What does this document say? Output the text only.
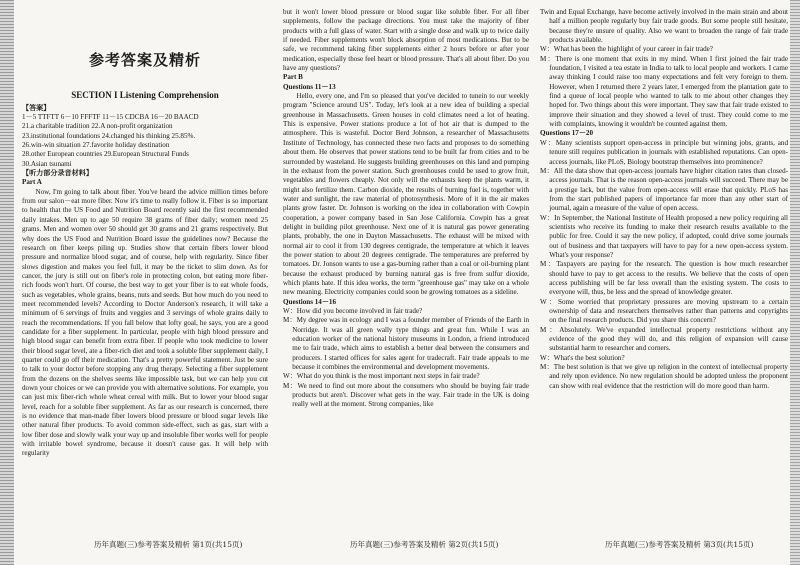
参考答案及精析
SECTION I Listening Comprehension

【答案】

1－5 TTFTT 6－10 FFFTF 11－15 CDCBA 16－20 BAACD

21.a charitable tradition 22.A non-profit organization

23.institutional foundations 24.changed his thinking 25.85%.

26.win-win situation 27.favorite holiday destination

28.other European countries 29.European Structural Funds

30.Asian tsunami

【听力部分录音材料】

Part A

Now, I'm going to talk about fiber. You've heard the advice million times before from our salon－eat more fiber. Now it's time to really follow it. Fiber is so important to health that the US Food and Nutrition Board recently said the first recommended daily intakes. Men up to age 50 require 38 grams of fiber daily; women need 25 grams. Men and women over 50 should get 30 grams and 21 grams respectively. But why does the US Food and Nutrition Board issue the guidelines now? Because the research on fiber keeps piling up. Studies show that certain fibers lower blood pressure and normalize blood sugar, and of course, help with regularity. Since fiber slows digestion and makes you feel full, it may be the ticket to slim down. As for cancer, the jury is still out on fiber's role in protecting colon, but eating more fiber-rich foods won't hurt. Of course, the best way to get your fiber is to eat whole foods, such as vegetables, whole grains, beans, nuts and seeds. But how much do you need to meet recommended levels? According to Doctor Anderson's research, it will take a minimum of 6 servings of fruits and veggies and 3 servings of whole grains daily to reach the recommendations. If you fall below that lofty goal, he says, you are a good candidate for a fiber supplement. In particular, people with high blood pressure and high blood sugar can benefit from extra fiber. If people who took medicine to lower their blood sugar level, ate a fiber-rich diet and took a soluble fiber supplement daily, I quarter could go off their medication. That's a pretty powerful statement. Just be sure to talk to your doctor before stopping any drug therapy. Selecting a fiber supplement from the dozens on the shelves seems like impossible task, but we can help you cut down your choices or we can provide you with alternative solutions. For example, you can just mix fiber-rich whole wheat cereal with milk. But to lower your blood sugar level, reach for a soluble fiber supplement. As far as our research is concerned, there is no evidence that man-made fiber lowers blood pressure or blood sugar levels like other natural fiber products. To avoid common side-effect, such as gas, start with a low fiber dose and slowly walk your way up and insoluble fiber works well for people with irritable bowel syndrome, because it doesn't cause gas. It will help with regularity

but it won't lower blood pressure or blood sugar like soluble fiber. For all fiber supplements, follow the package directions. You must take the majority of fiber products with a full glass of water. Start with a single dose and walk up to twice daily if needed. Fiber supplements won't block absorption of most medications. But to be safe, we recommend taking fiber supplements either 2 hours before or after your medication, especially those feel heart or blood pressure. That's all about fiber. Do you have any questions?

Part B

Questions 11－13

Hello, every one, and I'm so pleased that you've decided to tunein to our weekly program "Science around US". Today, let's look at a new idea of building a special greenhouse in Massachusetts. Green houses in cold climates need a lot of heating. This is expensive. Power stations produce a lot of hot air that is dumped to the atmosphere. This is wasteful. Doctor Berd Johnson, a researcher of Massachusetts Institute of Technology, has connected these two facts and proposes to do something about them. He observes that power stations tend to be built far from cities and to be surrounded by wasteland. He suggests building greenhouses on this land and pumping in the exhaust from the power station. Such greenhouses could be used to grow fruit, vegetables and flowers cheaply. Not only will the exhausts keep the plants warm, it might also fertilize them. Carbon dioxide, the results of burning fuel is, together with water and sunlight, the raw material of photosynthesis. More of it in the air makes plants grow faster. Dr. Johnson is working on the idea in collaboration with Cowpin cooperation, a power company based in San Jose California. Cowpin has a great delight in building pilot greenhouse. Next one of it is natural gas power generating plants, probably, the one in Dayton Massachusetts. The exhaust will be mixed with normal air to cool it from 130 degrees centigrade, the temperature at which it leaves the power station to about 20 degrees centigrade. The temperatures are preferred by tomatoes. Dr. Jonson wants to use a gas-burning rather than a coal or oil-burning plant because the exhaust produced by burning natural gas is free from sulfur dioxide, which plants hate. If this idea works, the term "greenhouse gas" may take on a whole new meaning. Electricity companies could soon be growing tomatoes as a sideline.

Questions 14－16

W：How did you become involved in fair trade?

M：My degree was in ecology and I was a founder member of Friends of the Earth in Norridge. It was all green wally type things and great fun. While I was an education worker of the national history museums in London, a friend introduced me to fair trade, which aims to establish a better deal between the consumers and producers. I started offices for sales agent for tradecraft. Fair trade appeals to me because it combines the environmental and development movements.

W：What do you think is the most important next steps in fair trade?

M：We need to find out more about the consumers who should be buying fair trade products but aren't. Discover what gets in the way. Fair trade in the UK is doing really well at the moment. Strong companies, like

Twin and Equal Exchange, have become actively involved in the main strain and about half a million people regularly buy fair trade goods. But some people still hesitate, because they're unsure of quality. Also we want to broaden the range of fair trade products available.

W：What has been the highlight of your career in fair trade?

M：There is one moment that exits in my mind. When I first joined the fair trade foundation, I visited a tea estate in India to talk to local people and workers. I came away thinking I could raise too many expectations and felt very foreign to them. However, when I returned there 2 years later, I emerged from the plantation gate to find a queue of local people who wanted to talk to me about other changes they hoped for. Two things about this were important. They saw that fair trade existed to improve their situation and they showed a level of trust. They could come to me with complaints, knowing it wouldn't be counted against them.

Questions 17－20

W：Many scientists support open-access in principle but winning jobs, grants, and tenure still requires publication in journals with established reputations. Can open-access journals, like PLoS, Biology bootstrap themselves into prominence?

M：All the data show that open-access journals have higher citation rates than closed-access journals. That is the reason open-access journals will succeed. There may be a prestige lack, but the value from open-access will erase that quickly. PLoS has from the start published papers of importance far more than any other start of journal, again a measure of the value of open access.

W：In September, the National Institute of Health proposed a new policy requiring all scientists who receive its funding to make their research results available to the public for free. Could it say the new policy, if adopted, could drive some journals out of business and that taxpayers will have to pay for a new open-access system. What's your response?

M：Taxpayers are paying for the research. The question is how much researcher should have to pay to get access to the results. We believe that the costs of open access publishing will be far less overall than the existing system. The costs to everyone will, thus, be less and the spread of knowledge greater.

W：Some worried that proprietary pressures are moving upstream to a certain ownership of data and researchers themselves rather than patterns and copyrights on the final research products. Did you share this concern?

M：Absolutely. We've expanded intellectual property restrictions without any evidence of the good they will do, and this religion of expansion will cause substantial harm to researcher and corners.

W：What's the best solution?

M：The best solution is that we give up religion in the context of intellectual property and rely upon evidence. No new regulation should be adopted unless the proponent can show with real evidence that the restriction will do more good than harm.

历年真题(三)参考答案及精析 第1页(共15页)	历年真题(三)参考答案及精析 第2页(共15页)	历年真题(三)参考答案及精析 第3页(共15页)
